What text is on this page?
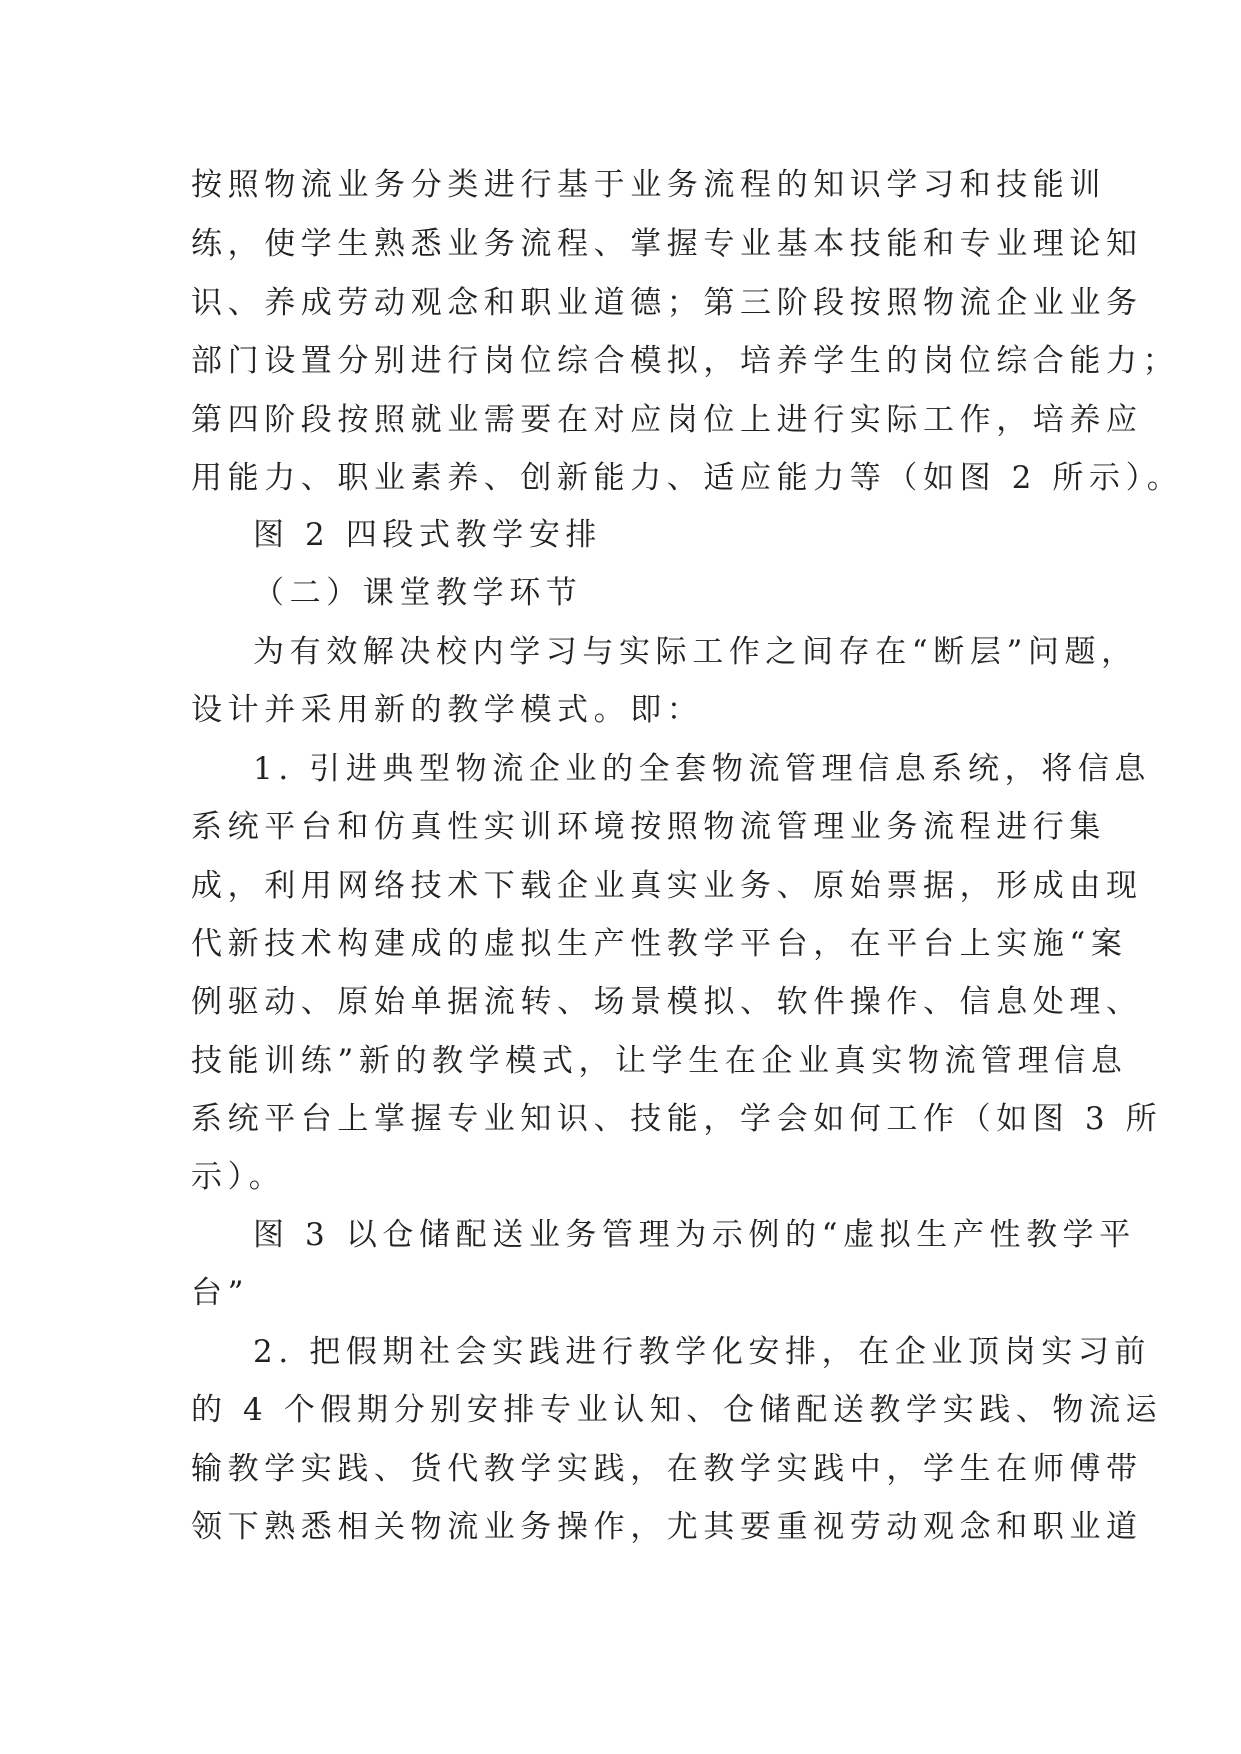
按照物流业务分类进行基于业务流程的知识学习和技能训
练，使学生熟悉业务流程、掌握专业基本技能和专业理论知
识、养成劳动观念和职业道德；第三阶段按照物流企业业务
部门设置分别进行岗位综合模拟，培养学生的岗位综合能力；
第四阶段按照就业需要在对应岗位上进行实际工作，培养应
用能力、职业素养、创新能力、适应能力等（如图 2 所示）。
图 2 四段式教学安排
（二）课堂教学环节
为有效解决校内学习与实际工作之间存在“断层”问题，
设计并采用新的教学模式。即：
1. 引进典型物流企业的全套物流管理信息系统，将信息
系统平台和仿真性实训环境按照物流管理业务流程进行集
成，利用网络技术下载企业真实业务、原始票据，形成由现
代新技术构建成的虚拟生产性教学平台，在平台上实施“案
例驱动、原始单据流转、场景模拟、软件操作、信息处理、
技能训练”新的教学模式，让学生在企业真实物流管理信息
系统平台上掌握专业知识、技能，学会如何工作（如图 3 所
示）。
图 3 以仓储配送业务管理为示例的“虚拟生产性教学平
台”
2. 把假期社会实践进行教学化安排，在企业顶岗实习前
的 4 个假期分别安排专业认知、仓储配送教学实践、物流运
输教学实践、货代教学实践，在教学实践中，学生在师傅带
领下熟悉相关物流业务操作，尤其要重视劳动观念和职业道
